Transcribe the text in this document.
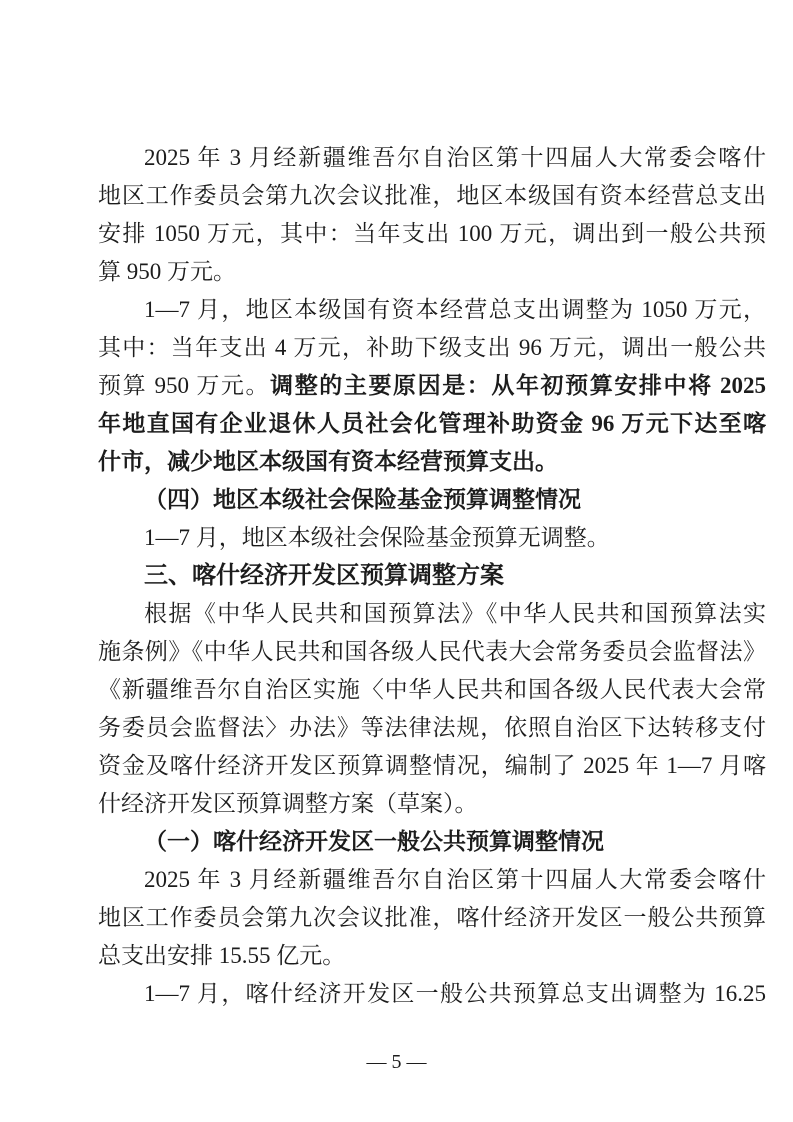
2025 年 3 月经新疆维吾尔自治区第十四届人大常委会喀什
地区工作委员会第九次会议批准，地区本级国有资本经营总支出
安排 1050 万元，其中：当年支出 100 万元，调出到一般公共预
算 950 万元。
1—7 月，地区本级国有资本经营总支出调整为 1050 万元，
其中：当年支出 4 万元，补助下级支出 96 万元，调出一般公共
预算 950 万元。调整的主要原因是：从年初预算安排中将 2025
年地直国有企业退休人员社会化管理补助资金 96 万元下达至喀
什市，减少地区本级国有资本经营预算支出。
（四）地区本级社会保险基金预算调整情况
1—7 月，地区本级社会保险基金预算无调整。
三、喀什经济开发区预算调整方案
根据《中华人民共和国预算法》《中华人民共和国预算法实
施条例》《中华人民共和国各级人民代表大会常务委员会监督法》
《新疆维吾尔自治区实施〈中华人民共和国各级人民代表大会常
务委员会监督法〉办法》等法律法规，依照自治区下达转移支付
资金及喀什经济开发区预算调整情况，编制了 2025 年 1—7 月喀
什经济开发区预算调整方案（草案）。
（一）喀什经济开发区一般公共预算调整情况
2025 年 3 月经新疆维吾尔自治区第十四届人大常委会喀什
地区工作委员会第九次会议批准，喀什经济开发区一般公共预算
总支出安排 15.55 亿元。
1—7 月，喀什经济开发区一般公共预算总支出调整为 16.25
— 5 —
